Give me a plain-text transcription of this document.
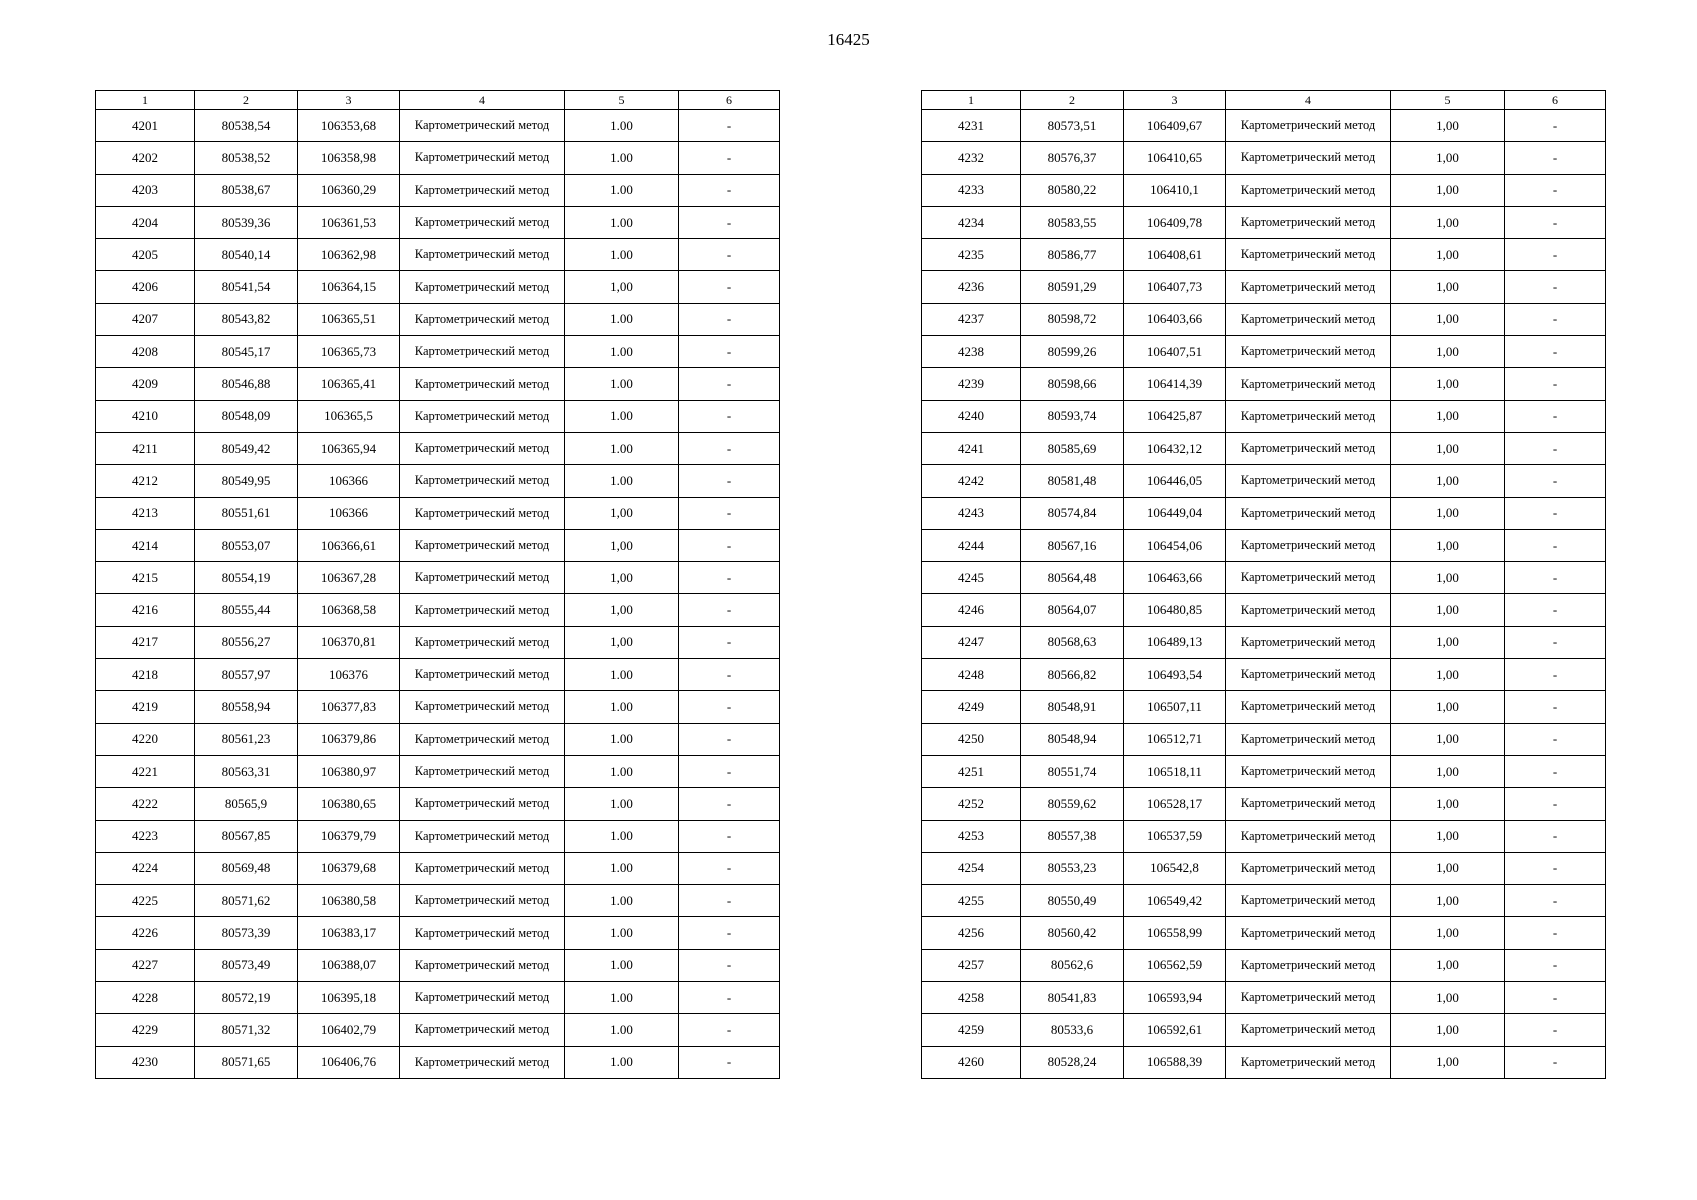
16425
1	2	3	4	5	6
4201	80538,54	106353,68	Картометрический метод	1.00	-
4202	80538,52	106358,98	Картометрический метод	1.00	-
4203	80538,67	106360,29	Картометрический метод	1.00	-
4204	80539,36	106361,53	Картометрический метод	1.00	-
4205	80540,14	106362,98	Картометрический метод	1.00	-
4206	80541,54	106364,15	Картометрический метод	1,00	-
4207	80543,82	106365,51	Картометрический метод	1.00	-
4208	80545,17	106365,73	Картометрический метод	1.00	-
4209	80546,88	106365,41	Картометрический метод	1.00	-
4210	80548,09	106365,5	Картометрический метод	1.00	-
4211	80549,42	106365,94	Картометрический метод	1.00	-
4212	80549,95	106366	Картометрический метод	1.00	-
4213	80551,61	106366	Картометрический метод	1,00	-
4214	80553,07	106366,61	Картометрический метод	1,00	-
4215	80554,19	106367,28	Картометрический метод	1,00	-
4216	80555,44	106368,58	Картометрический метод	1,00	-
4217	80556,27	106370,81	Картометрический метод	1,00	-
4218	80557,97	106376	Картометрический метод	1.00	-
4219	80558,94	106377,83	Картометрический метод	1.00	-
4220	80561,23	106379,86	Картометрический метод	1.00	-
4221	80563,31	106380,97	Картометрический метод	1.00	-
4222	80565,9	106380,65	Картометрический метод	1.00	-
4223	80567,85	106379,79	Картометрический метод	1.00	-
4224	80569,48	106379,68	Картометрический метод	1.00	-
4225	80571,62	106380,58	Картометрический метод	1.00	-
4226	80573,39	106383,17	Картометрический метод	1.00	-
4227	80573,49	106388,07	Картометрический метод	1.00	-
4228	80572,19	106395,18	Картометрический метод	1.00	-
4229	80571,32	106402,79	Картометрический метод	1.00	-
4230	80571,65	106406,76	Картометрический метод	1.00	-
1	2	3	4	5	6
4231	80573,51	106409,67	Картометрический метод	1,00	-
4232	80576,37	106410,65	Картометрический метод	1,00	-
4233	80580,22	106410,1	Картометрический метод	1,00	-
4234	80583,55	106409,78	Картометрический метод	1,00	-
4235	80586,77	106408,61	Картометрический метод	1,00	-
4236	80591,29	106407,73	Картометрический метод	1,00	-
4237	80598,72	106403,66	Картометрический метод	1,00	-
4238	80599,26	106407,51	Картометрический метод	1,00	-
4239	80598,66	106414,39	Картометрический метод	1,00	-
4240	80593,74	106425,87	Картометрический метод	1,00	-
4241	80585,69	106432,12	Картометрический метод	1,00	-
4242	80581,48	106446,05	Картометрический метод	1,00	-
4243	80574,84	106449,04	Картометрический метод	1,00	-
4244	80567,16	106454,06	Картометрический метод	1,00	-
4245	80564,48	106463,66	Картометрический метод	1,00	-
4246	80564,07	106480,85	Картометрический метод	1,00	-
4247	80568,63	106489,13	Картометрический метод	1,00	-
4248	80566,82	106493,54	Картометрический метод	1,00	-
4249	80548,91	106507,11	Картометрический метод	1,00	-
4250	80548,94	106512,71	Картометрический метод	1,00	-
4251	80551,74	106518,11	Картометрический метод	1,00	-
4252	80559,62	106528,17	Картометрический метод	1,00	-
4253	80557,38	106537,59	Картометрический метод	1,00	-
4254	80553,23	106542,8	Картометрический метод	1,00	-
4255	80550,49	106549,42	Картометрический метод	1,00	-
4256	80560,42	106558,99	Картометрический метод	1,00	-
4257	80562,6	106562,59	Картометрический метод	1,00	-
4258	80541,83	106593,94	Картометрический метод	1,00	-
4259	80533,6	106592,61	Картометрический метод	1,00	-
4260	80528,24	106588,39	Картометрический метод	1,00	-
